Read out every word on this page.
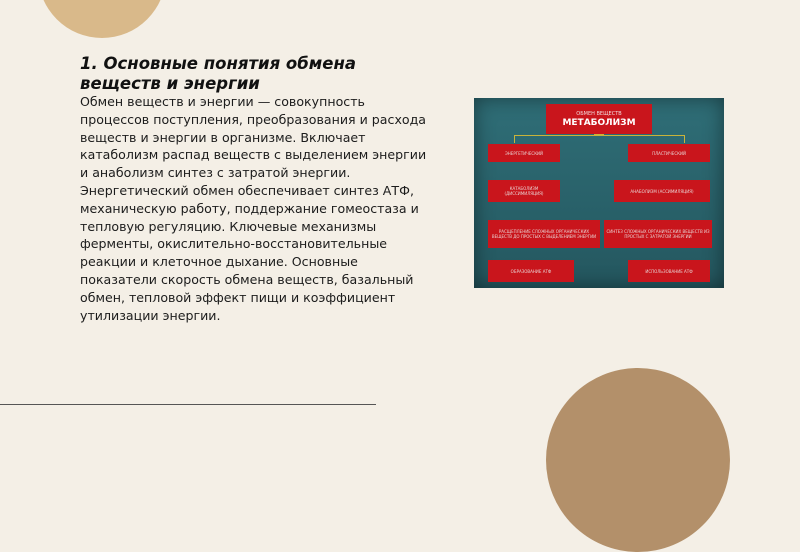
1. Основные понятия обмена веществ и энергии

Обмен веществ и энергии — совокупность процессов поступления, преобразования и расхода веществ и энергии в организме. Включает катаболизм распад веществ с выделением энергии и анаболизм синтез с затратой энергии. Энергетический обмен обеспечивает синтез АТФ, механическую работу, поддержание гомеостаза и тепловую регуляцию. Ключевые механизмы ферменты, окислительно-восстановительные реакции и клеточное дыхание. Основные показатели скорость обмена веществ, базальный обмен, тепловой эффект пищи и коэффициент утилизации энергии.

ОБМЕН ВЕЩЕСТВ
МЕТАБОЛИЗМ
ЭНЕРГЕТИЧЕСКИЙ	ПЛАСТИЧЕСКИЙ
КАТАБОЛИЗМ (ДИССИМИЛЯЦИЯ)	АНАБОЛИЗМ (АССИМИЛЯЦИЯ)
РАСЩЕПЛЕНИЕ СЛОЖНЫХ ОРГАНИЧЕСКИХ ВЕЩЕСТВ ДО ПРОСТЫХ С ВЫДЕЛЕНИЕМ ЭНЕРГИИ
СИНТЕЗ СЛОЖНЫХ ОРГАНИЧЕСКИХ ВЕЩЕСТВ ИЗ ПРОСТЫХ С ЗАТРАТОЙ ЭНЕРГИИ
ОБРАЗОВАНИЕ АТФ	ИСПОЛЬЗОВАНИЕ АТФ
